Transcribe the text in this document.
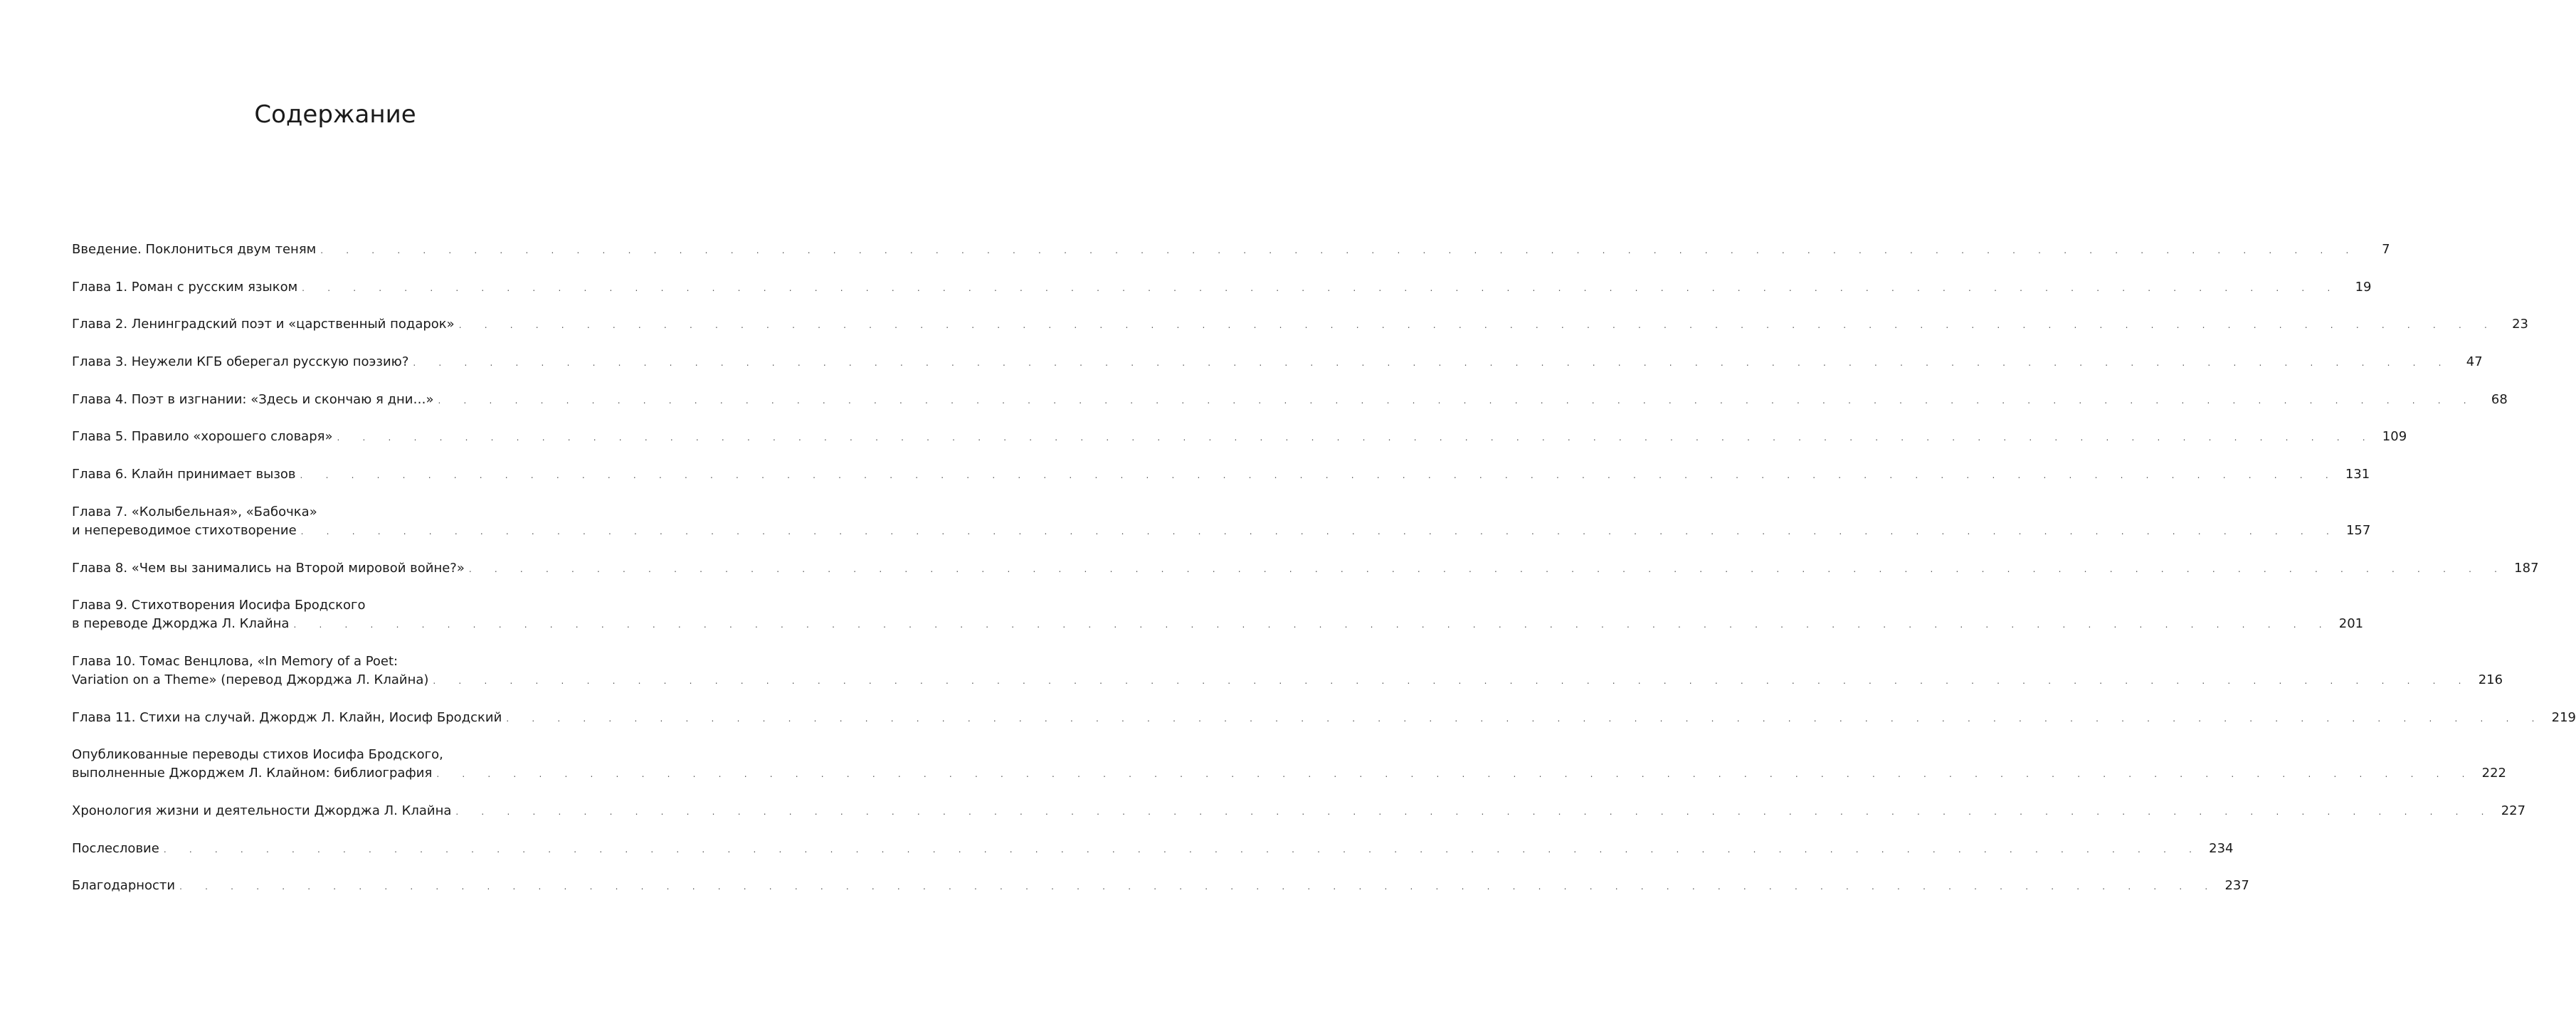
Содержание
Введение. Поклониться двум теням . . . . . . . . . . . . . . . . . . . . . . . . . . . . . . . . . . . . . . . . . . . . . . . . . . . . . . . . . . . . . . . . . . . . . . . . . . . . . . . .	7
Глава 1. Роман с русским языком . . . . . . . . . . . . . . . . . . . . . . . . . . . . . . . . . . . . . . . . . . . . . . . . . . . . . . . . . . . . . . . . . . . . . . . . . . . . . . . .	19
Глава 2. Ленинградский поэт и «царственный подарок» . . . . . . . . . . . . . . . . . . . . . . . . . . . . . . . . . . . . . . . . . . . . . . . . . . . . . . . . . . . . . . . . . . . . . . . . . . . . . . . .	23
Глава 3. Неужели КГБ оберегал русскую поэзию? . . . . . . . . . . . . . . . . . . . . . . . . . . . . . . . . . . . . . . . . . . . . . . . . . . . . . . . . . . . . . . . . . . . . . . . . . . . . . . . .	47
Глава 4. Поэт в изгнании: «Здесь и скончаю я дни…» . . . . . . . . . . . . . . . . . . . . . . . . . . . . . . . . . . . . . . . . . . . . . . . . . . . . . . . . . . . . . . . . . . . . . . . . . . . . . . . .	68
Глава 5. Правило «хорошего словаря» . . . . . . . . . . . . . . . . . . . . . . . . . . . . . . . . . . . . . . . . . . . . . . . . . . . . . . . . . . . . . . . . . . . . . . . . . . . . . . . . 109
Глава 6. Клайн принимает вызов . . . . . . . . . . . . . . . . . . . . . . . . . . . . . . . . . . . . . . . . . . . . . . . . . . . . . . . . . . . . . . . . . . . . . . . . . . . . . . . . 131
Глава 7. «Колыбельная», «Бабочка»
и непереводимое стихотворение . . . . . . . . . . . . . . . . . . . . . . . . . . . . . . . . . . . . . . . . . . . . . . . . . . . . . . . . . . . . . . . . . . . . . . . . . . . . . . . . 157
Глава 8. «Чем вы занимались на Второй мировой войне?» . . . . . . . . . . . . . . . . . . . . . . . . . . . . . . . . . . . . . . . . . . . . . . . . . . . . . . . . . . . . . . . . . . . . . . . . . . . . . . . . 187
Глава 9. Стихотворения Иосифа Бродского
в переводе Джорджа Л. Клайна . . . . . . . . . . . . . . . . . . . . . . . . . . . . . . . . . . . . . . . . . . . . . . . . . . . . . . . . . . . . . . . . . . . . . . . . . . . . . . . . 201
Глава 10. Томас Венцлова, «In Memory of a Poet:
Variation on a Theme» (перевод Джорджа Л. Клайна) . . . . . . . . . . . . . . . . . . . . . . . . . . . . . . . . . . . . . . . . . . . . . . . . . . . . . . . . . . . . . . . . . . . . . . . . . . . . . . . . 216
Глава 11. Стихи на случай. Джордж Л. Клайн, Иосиф Бродский . . . . . . . . . . . . . . . . . . . . . . . . . . . . . . . . . . . . . . . . . . . . . . . . . . . . . . . . . . . . . . . . . . . . . . . . . . . . . . . . 219
Опубликованные переводы стихов Иосифа Бродского,
выполненные Джорджем Л. Клайном: библиография . . . . . . . . . . . . . . . . . . . . . . . . . . . . . . . . . . . . . . . . . . . . . . . . . . . . . . . . . . . . . . . . . . . . . . . . . . . . . . . . 222
Хронология жизни и деятельности Джорджа Л. Клайна . . . . . . . . . . . . . . . . . . . . . . . . . . . . . . . . . . . . . . . . . . . . . . . . . . . . . . . . . . . . . . . . . . . . . . . . . . . . . . . . 227
Послесловие . . . . . . . . . . . . . . . . . . . . . . . . . . . . . . . . . . . . . . . . . . . . . . . . . . . . . . . . . . . . . . . . . . . . . . . . . . . . . . . . 234
Благодарности . . . . . . . . . . . . . . . . . . . . . . . . . . . . . . . . . . . . . . . . . . . . . . . . . . . . . . . . . . . . . . . . . . . . . . . . . . . . . . . . 237
